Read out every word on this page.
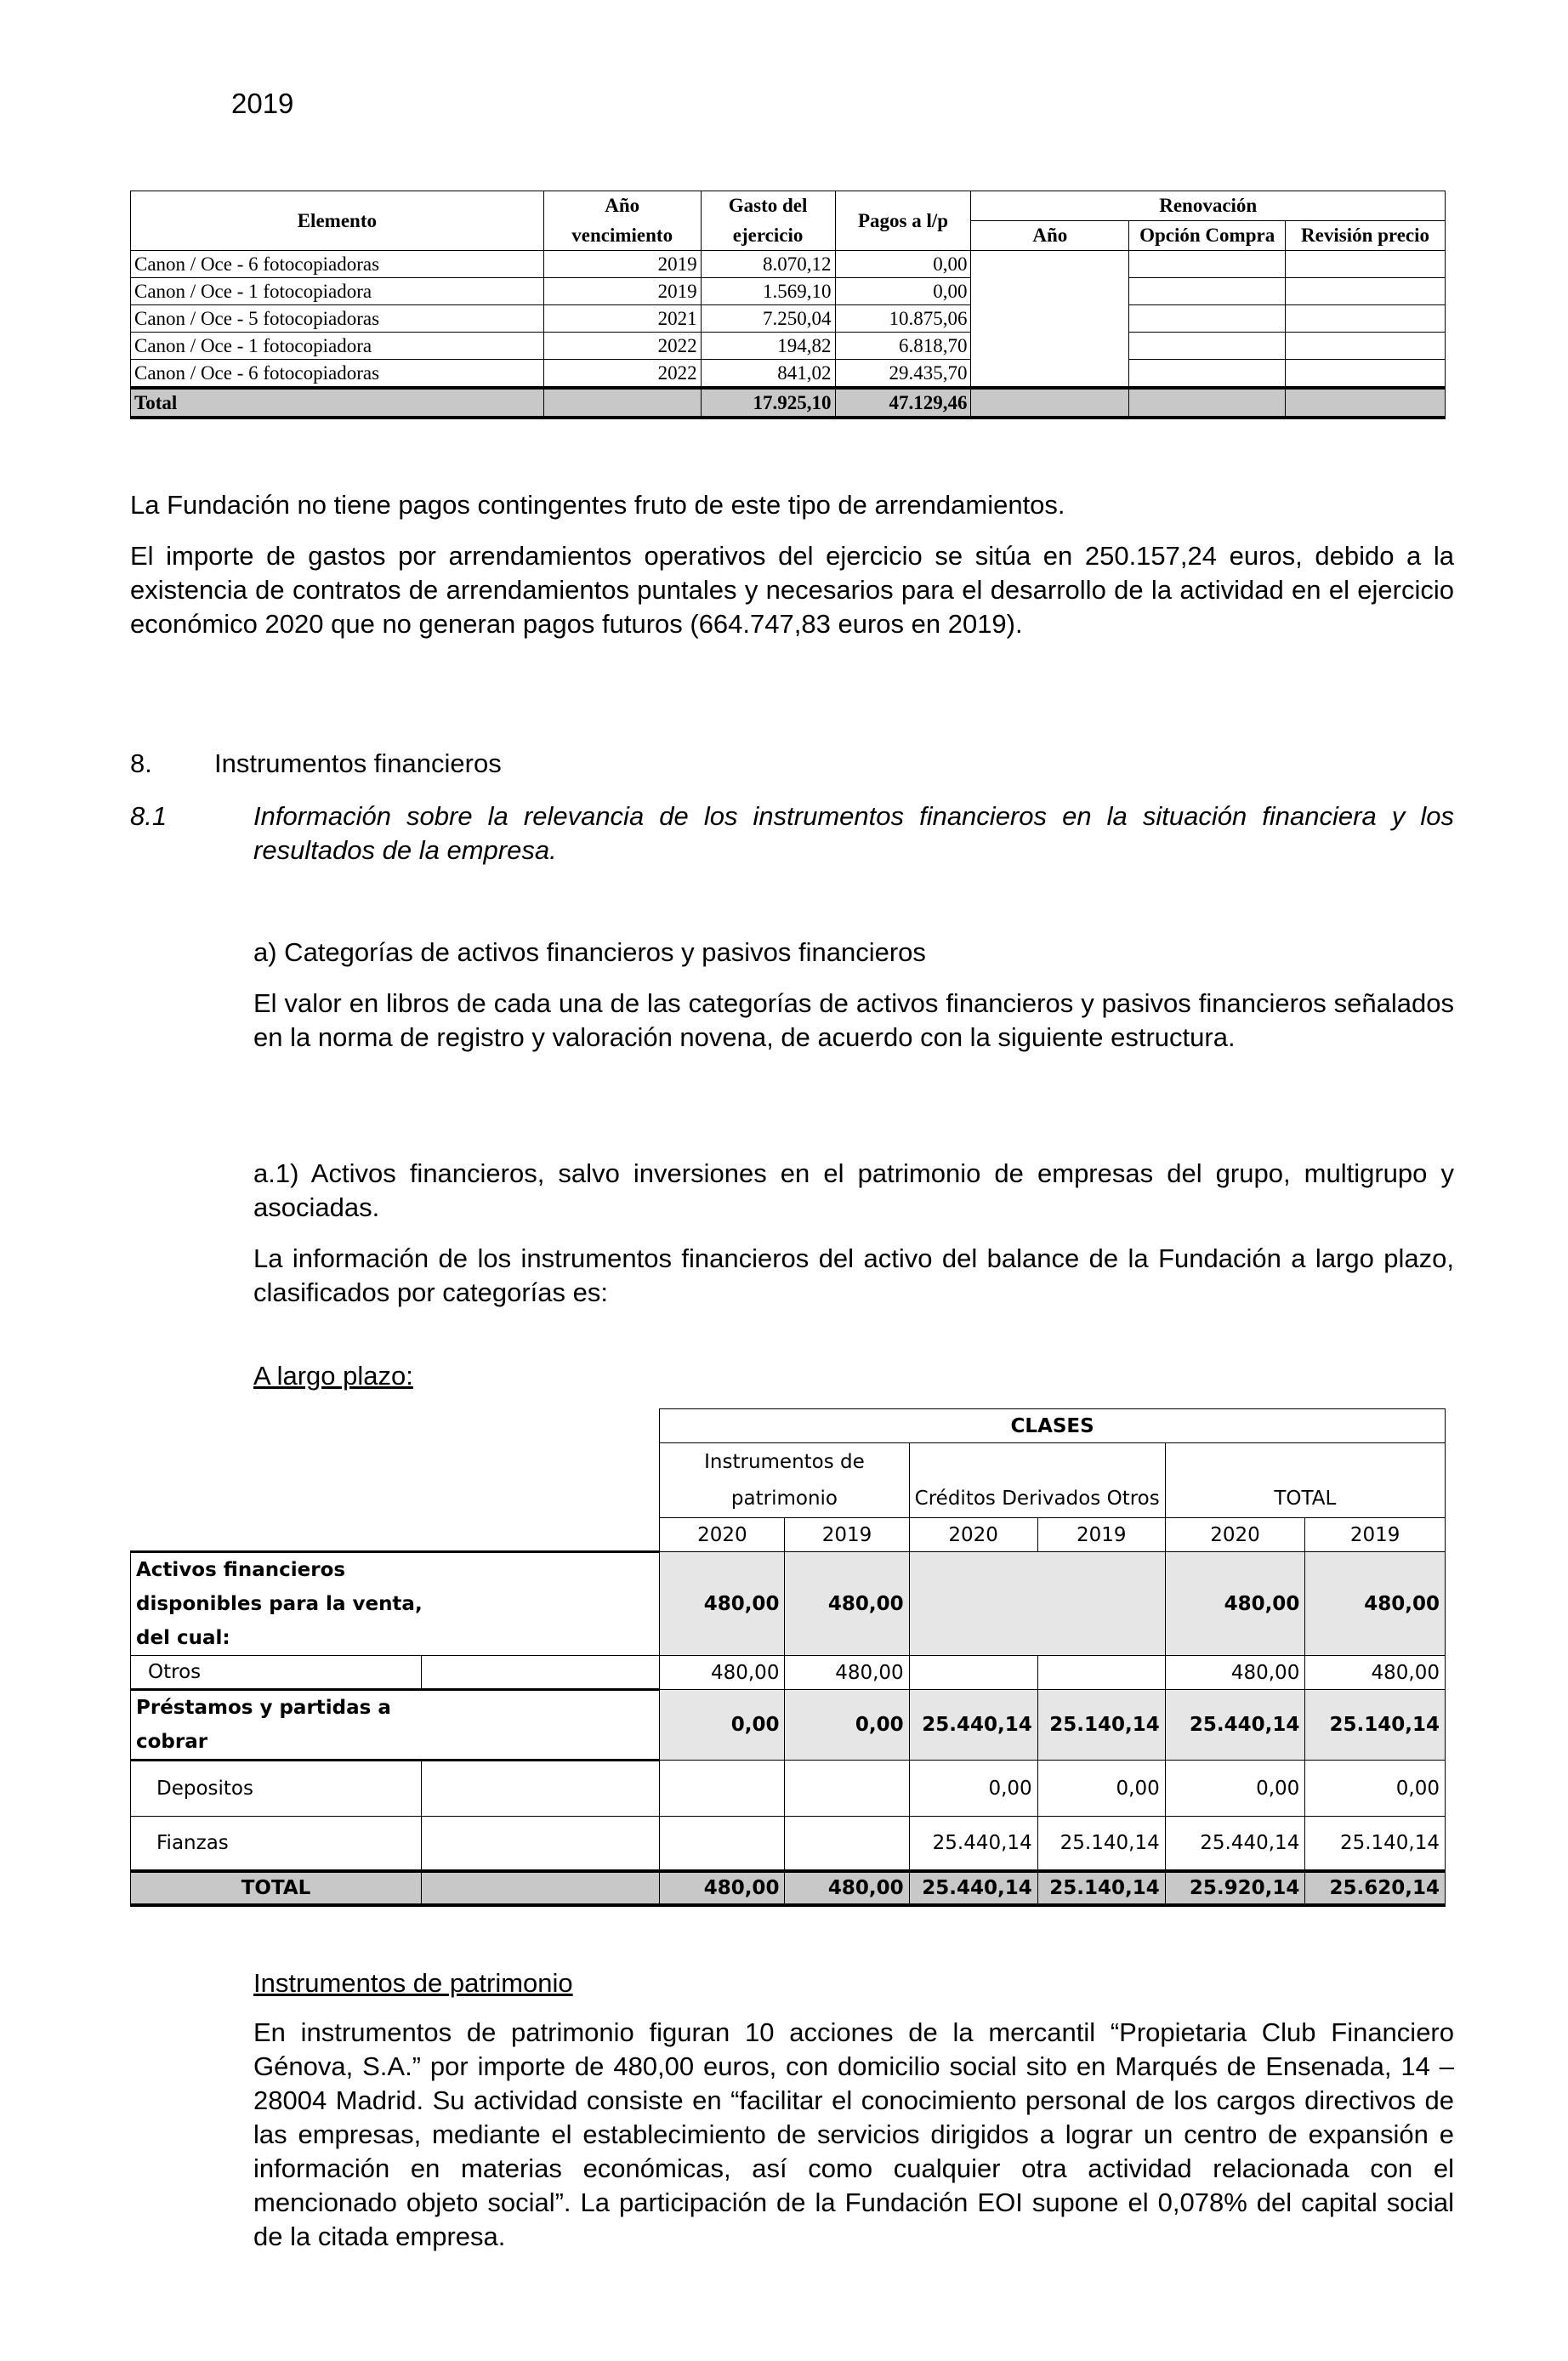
2019
Elemento	Año	Gasto del	Pagos a l/p	Renovación		
	vencimiento	ejercicio		Año	Opción Compra	Revisión precio
Canon / Oce - 6 fotocopiadoras	2019	8.070,12	0,00			
Canon / Oce - 1 fotocopiadora	2019	1.569,10	0,00			
Canon / Oce - 5 fotocopiadoras	2021	7.250,04	10.875,06			
Canon / Oce - 1 fotocopiadora	2022	194,82	6.818,70			
Canon / Oce - 6 fotocopiadoras	2022	841,02	29.435,70			
Total		17.925,10	47.129,46			
La Fundación no tiene pagos contingentes fruto de este tipo de arrendamientos.
El importe de gastos por arrendamientos operativos del ejercicio se sitúa en 250.157,24 euros, debido a la existencia de contratos de arrendamientos puntales y necesarios para el desarrollo de la actividad en el ejercicio económico 2020 que no generan pagos futuros (664.747,83 euros en 2019).
8. Instrumentos financieros
8.1	Información sobre la relevancia de los instrumentos financieros en la situación financiera y los resultados de la empresa.
a) Categorías de activos financieros y pasivos financieros
El valor en libros de cada una de las categorías de activos financieros y pasivos financieros señalados en la norma de registro y valoración novena, de acuerdo con la siguiente estructura.
a.1) Activos financieros, salvo inversiones en el patrimonio de empresas del grupo, multigrupo y asociadas.
La información de los instrumentos financieros del activo del balance de la Fundación a largo plazo, clasificados por categorías es:
A largo plazo:
		CLASES					
		Instrumentos de					
		patrimonio		Créditos Derivados Otros		TOTAL	
		2020	2019	2020	2019	2020	2019
Activos financieros
disponibles para la venta,
del cual:		480,00	480,00			480,00	480,00
Otros		480,00	480,00			480,00	480,00
Préstamos y partidas a
cobrar		0,00	0,00	25.440,14	25.140,14	25.440,14	25.140,14
Depositos				0,00	0,00	0,00	0,00
Fianzas				25.440,14	25.140,14	25.440,14	25.140,14
TOTAL		480,00	480,00	25.440,14	25.140,14	25.920,14	25.620,14
Instrumentos de patrimonio
En instrumentos de patrimonio figuran 10 acciones de la mercantil “Propietaria Club Financiero Génova, S.A.” por importe de 480,00 euros, con domicilio social sito en Marqués de Ensenada, 14 – 28004 Madrid. Su actividad consiste en “facilitar el conocimiento personal de los cargos directivos de las empresas, mediante el establecimiento de servicios dirigidos a lograr un centro de expansión e información en materias económicas, así como cualquier otra actividad relacionada con el mencionado objeto social”. La participación de la Fundación EOI supone el 0,078% del capital social de la citada empresa.
